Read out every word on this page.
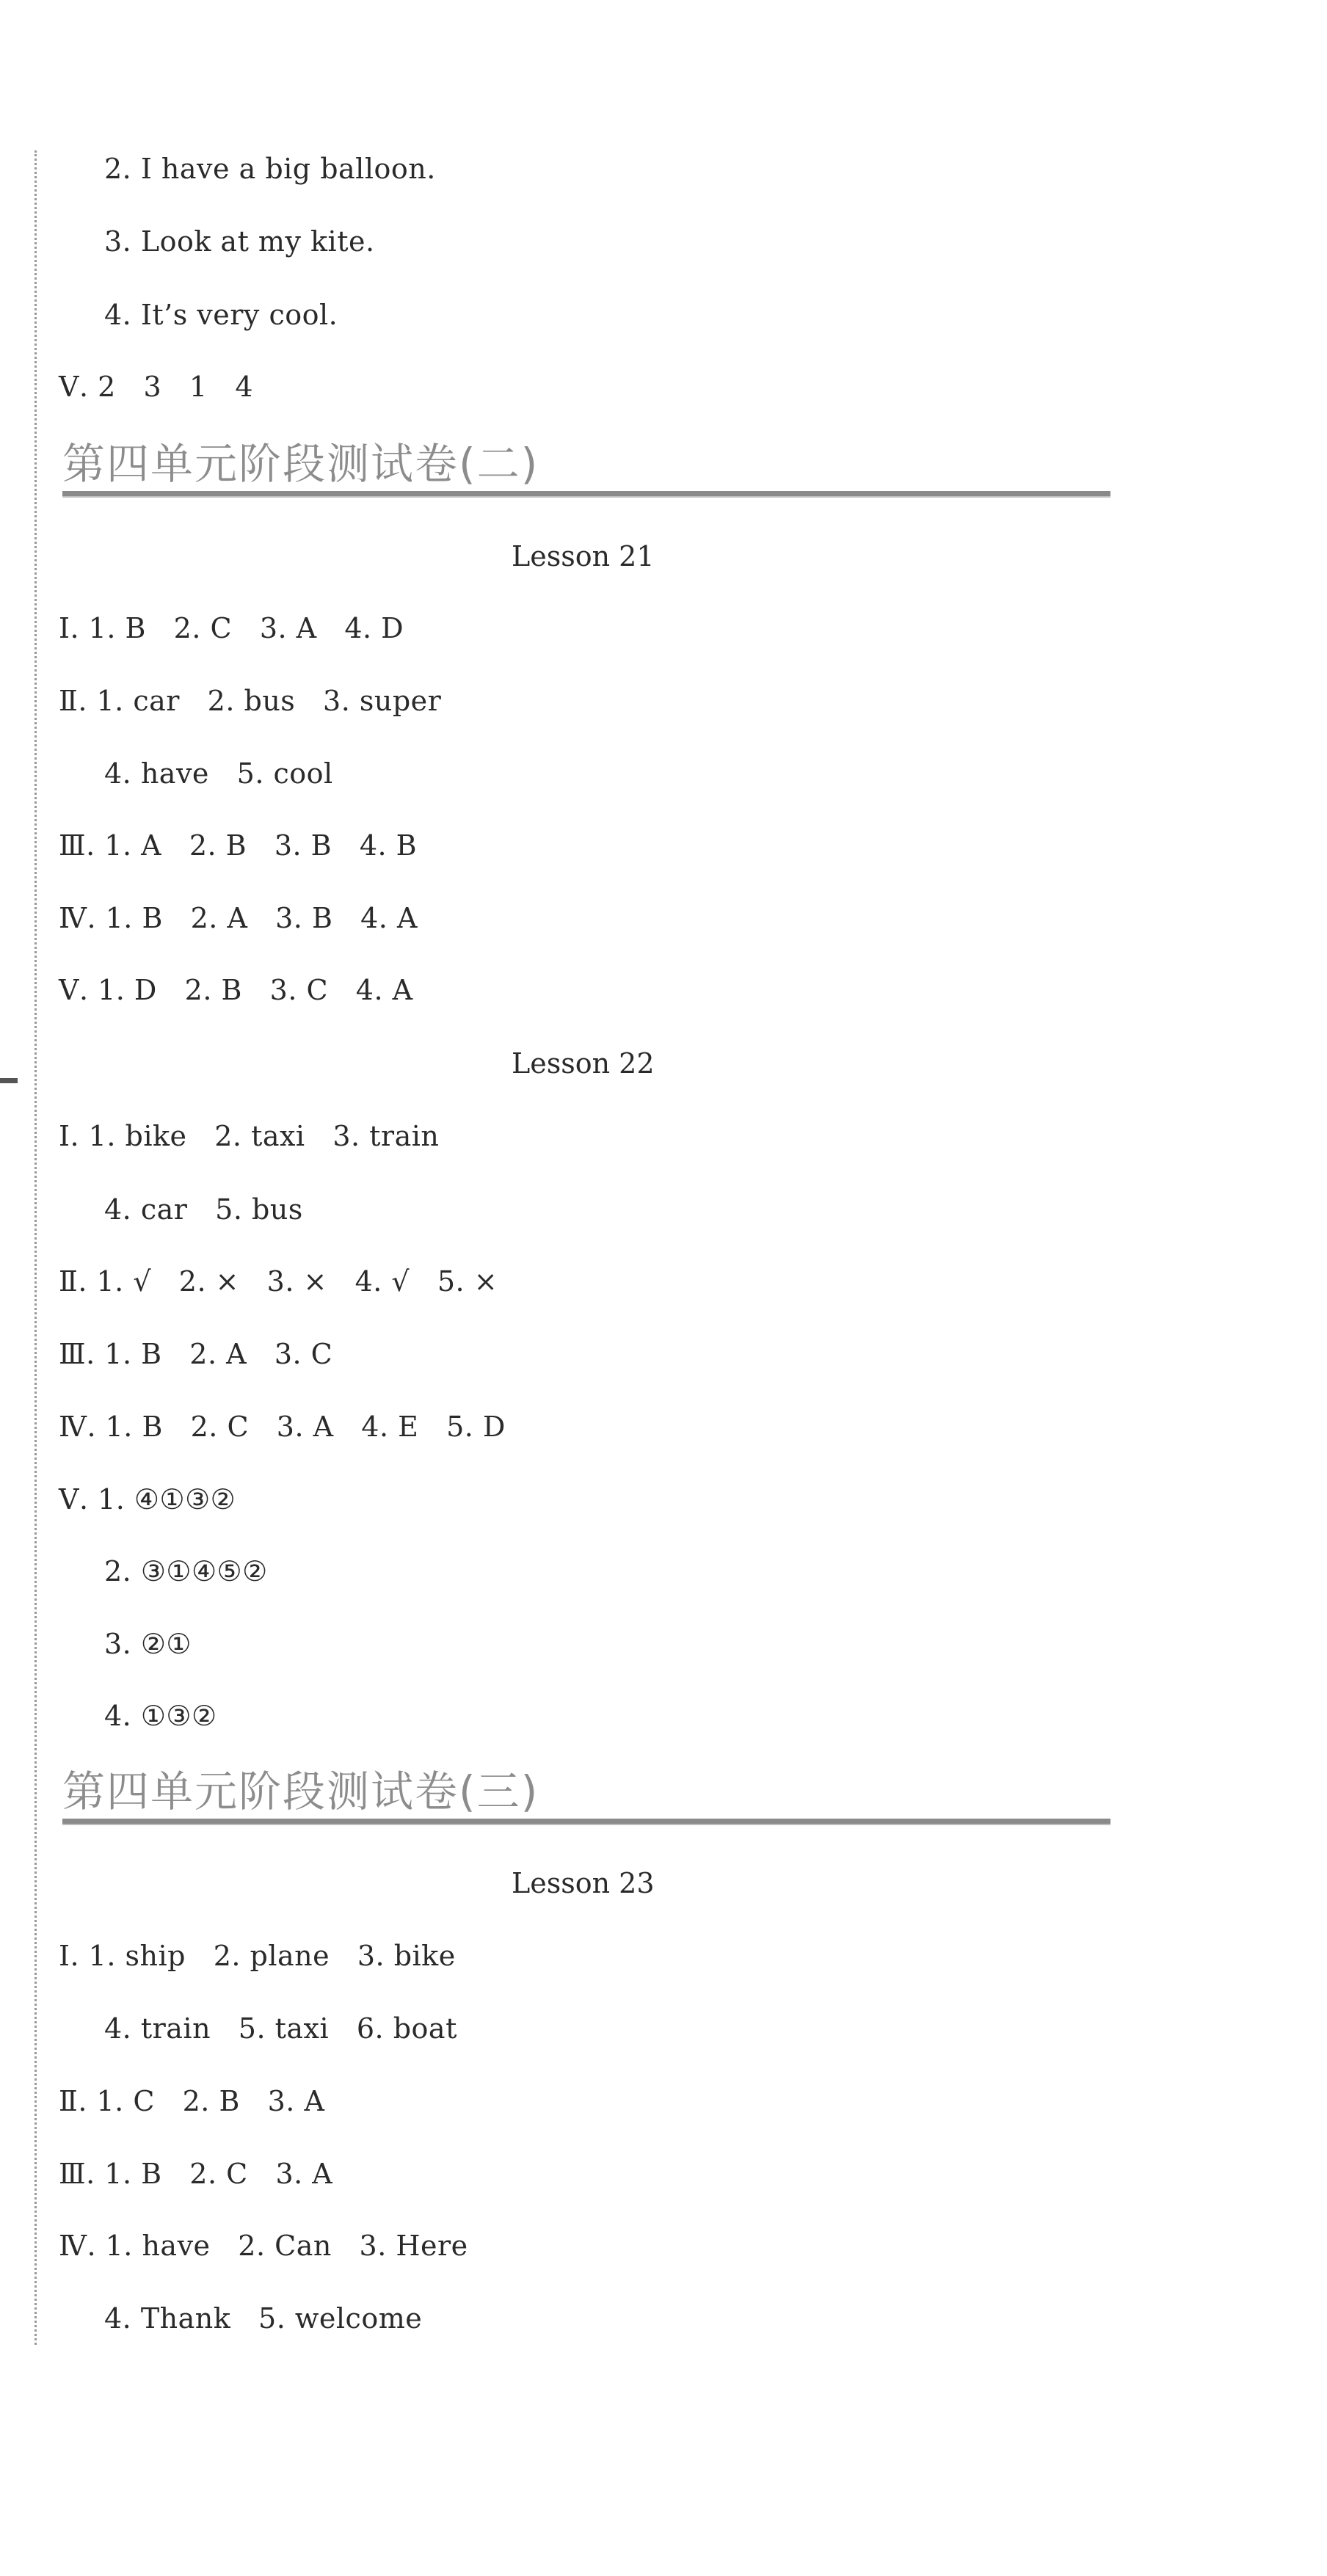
2. I have a big balloon.
3. Look at my kite.
4. It’s very cool.
Ⅴ. 2   3   1   4
第四单元阶段测试卷(二)
Lesson 21
Ⅰ. 1. B   2. C   3. A   4. D
Ⅱ. 1. car   2. bus   3. super
4. have   5. cool
Ⅲ. 1. A   2. B   3. B   4. B
Ⅳ. 1. B   2. A   3. B   4. A
Ⅴ. 1. D   2. B   3. C   4. A
Lesson 22
Ⅰ. 1. bike   2. taxi   3. train
4. car   5. bus
Ⅱ. 1. √   2. ×   3. ×   4. √   5. ×
Ⅲ. 1. B   2. A   3. C
Ⅳ. 1. B   2. C   3. A   4. E   5. D
Ⅴ. 1. ④①③②
2. ③①④⑤②
3. ②①
4. ①③②
第四单元阶段测试卷(三)
Lesson 23
Ⅰ. 1. ship   2. plane   3. bike
4. train   5. taxi   6. boat
Ⅱ. 1. C   2. B   3. A
Ⅲ. 1. B   2. C   3. A
Ⅳ. 1. have   2. Can   3. Here
4. Thank   5. welcome
